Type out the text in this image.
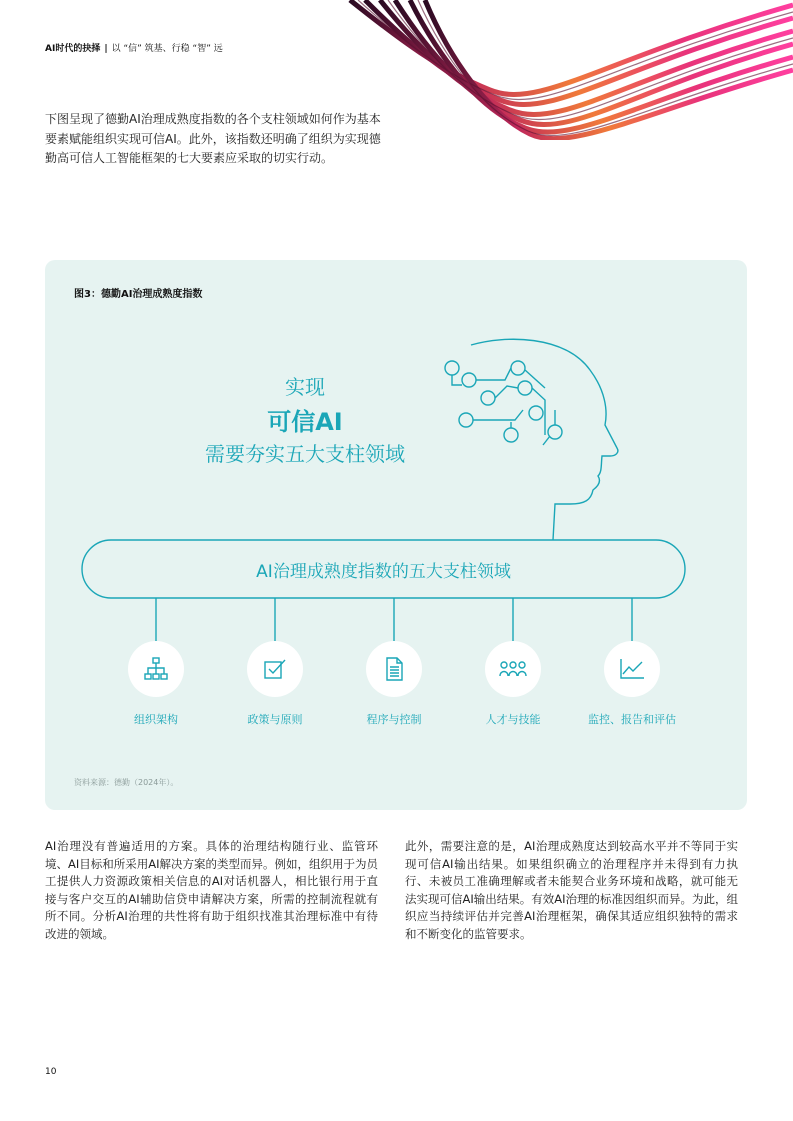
AI时代的抉择 | 以 “信” 筑基、行稳 “智” 远
下图呈现了德勤AI治理成熟度指数的各个支柱领域如何作为基本要素赋能组织实现可信AI。此外，该指数还明确了组织为实现德勤高可信人工智能框架的七大要素应采取的切实行动。
图3：德勤AI治理成熟度指数
实现
可信AI
需要夯实五大支柱领域
AI治理成熟度指数的五大支柱领域
组织架构	政策与原则	程序与控制	人才与技能	监控、报告和评估
资料来源：德勤（2024年）。
AI治理没有普遍适用的方案。具体的治理结构随行业、监管环境、AI目标和所采用AI解决方案的类型而异。例如，组织用于为员工提供人力资源政策相关信息的AI对话机器人，相比银行用于直接与客户交互的AI辅助信贷申请解决方案，所需的控制流程就有所不同。分析AI治理的共性将有助于组织找准其治理标准中有待改进的领域。
此外，需要注意的是，AI治理成熟度达到较高水平并不等同于实现可信AI输出结果。如果组织确立的治理程序并未得到有力执行、未被员工准确理解或者未能契合业务环境和战略，就可能无法实现可信AI输出结果。有效AI治理的标准因组织而异。为此，组织应当持续评估并完善AI治理框架，确保其适应组织独特的需求和不断变化的监管要求。
10
